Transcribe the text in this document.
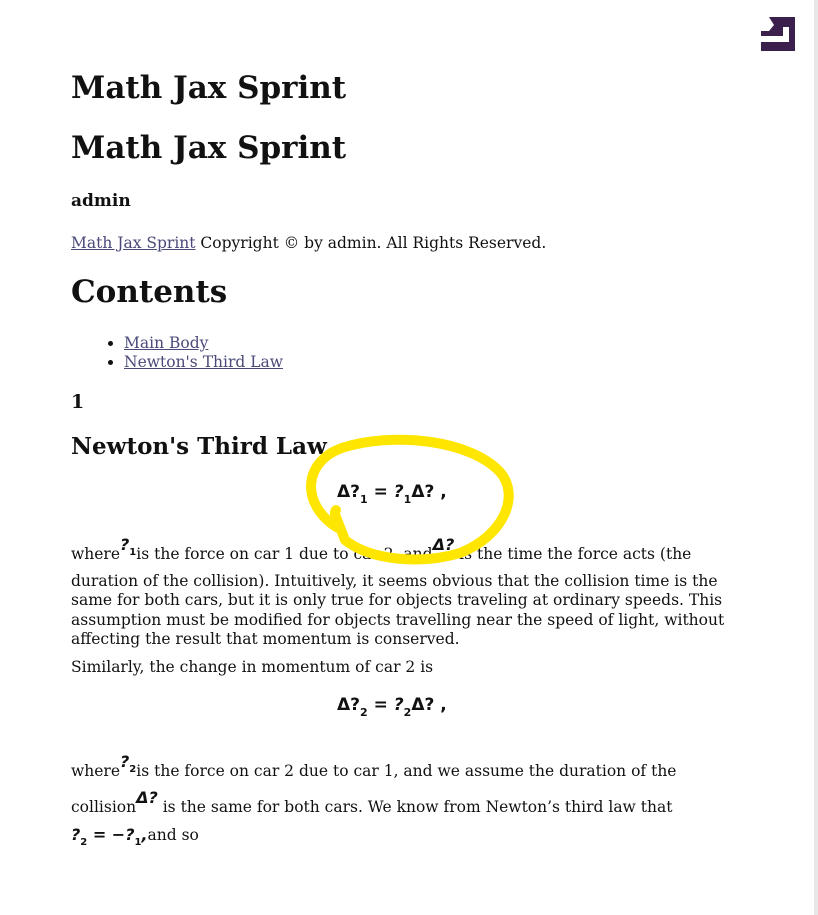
Math Jax Sprint
Math Jax Sprint
admin

Math Jax Sprint Copyright © by admin. All Rights Reserved.

Contents
• Main Body
• Newton's Third Law
1
Newton's Third Law
$\Delta?_1$ = $?_1\Delta$? ,

$where?_1is$ the force on car 1 due to car 2, andΔ? is the time the force acts (the duration of the collision). Intuitively, it seems obvious that the collision time is the same for both cars, but it is only true for objects traveling at ordinary speeds. This assumption must be modified for objects travelling near the speed of light, without affecting the result that momentum is conserved.

Similarly, the change in momentum of car 2 is

$\Delta?_2$ = $?_2\Delta$? ,

$where?_2is$ the force on car 2 due to car 1, and we assume the duration of the collisionΔ? is the same for both cars. We know from Newton’s third law that
$?_2$ = $-?_1,and$ so
